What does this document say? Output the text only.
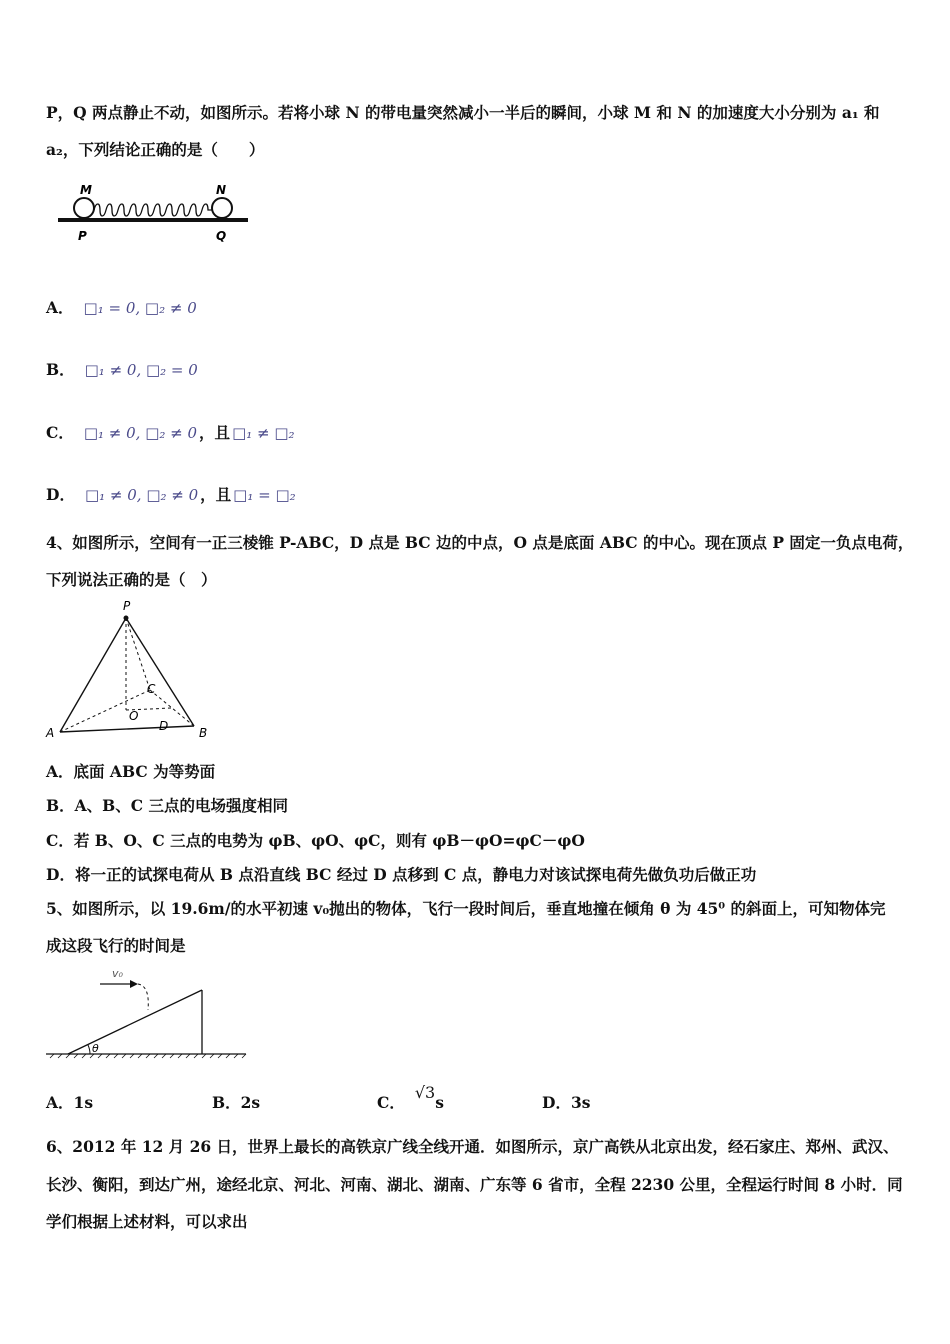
P，Q 两点静止不动，如图所示。若将小球 N 的带电量突然减小一半后的瞬间，小球 M 和 N 的加速度大小分别为 a₁ 和
a₂，下列结论正确的是（　　）
M	N
P	Q
A． □₁ = 0, □₂ ≠ 0
B． □₁ ≠ 0, □₂ = 0
C． □₁ ≠ 0, □₂ ≠ 0 ，且 □₁ ≠ □₂
D． □₁ ≠ 0, □₂ ≠ 0 ，且 □₁ = □₂
4、如图所示，空间有一正三棱锥 P-ABC，D 点是 BC 边的中点，O 点是底面 ABC 的中心。现在顶点 P 固定一负点电荷，
下列说法正确的是（　）
P
A	B
C
O
D
A．底面 ABC 为等势面
B．A、B、C 三点的电场强度相同
C．若 B、O、C 三点的电势为 φB、φO、φC，则有 φB－φO=φC－φO
D．将一正的试探电荷从 B 点沿直线 BC 经过 D 点移到 C 点，静电力对该试探电荷先做负功后做正功
5、如图所示，以 19.6m/的水平初速 v₀抛出的物体，飞行一段时间后，垂直地撞在倾角 θ 为 45⁰ 的斜面上，可知物体完
成这段飞行的时间是
v₀
θ
A．1s	B．2s	C．√3s	D．3s
6、2012 年 12 月 26 日，世界上最长的高铁京广线全线开通．如图所示，京广高铁从北京出发，经石家庄、郑州、武汉、
长沙、衡阳，到达广州，途经北京、河北、河南、湖北、湖南、广东等 6 省市，全程 2230 公里，全程运行时间 8 小时．同
学们根据上述材料，可以求出
